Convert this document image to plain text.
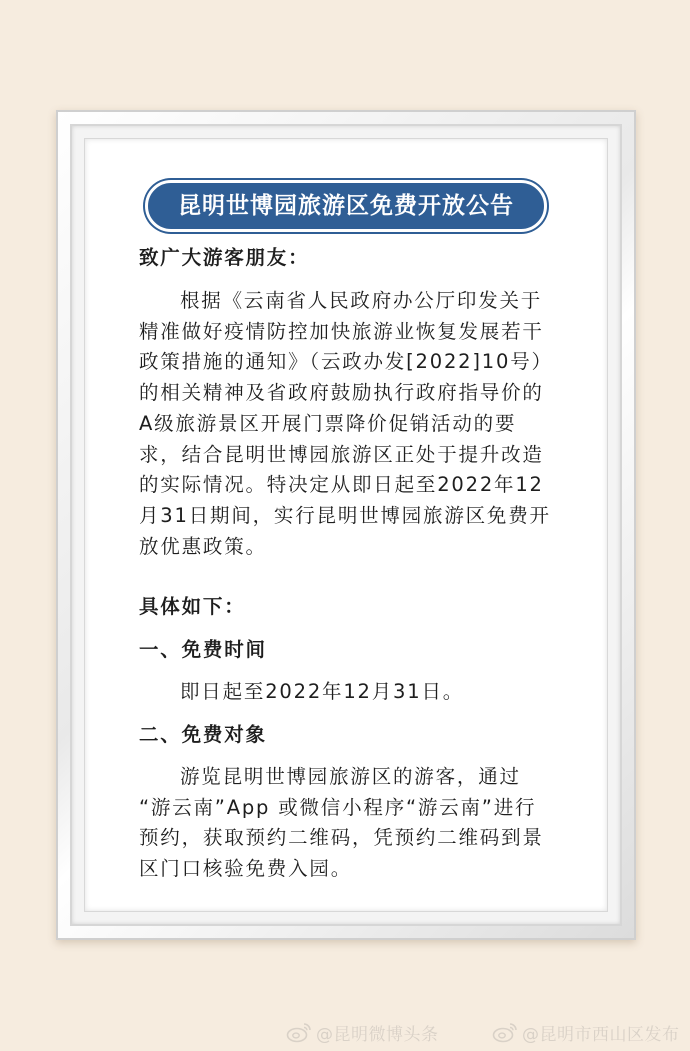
昆明世博园旅游区免费开放公告
致广大游客朋友：
根据《云南省人民政府办公厅印发关于
精准做好疫情防控加快旅游业恢复发展若干
政策措施的通知》（云政办发[2022]10号）
的相关精神及省政府鼓励执行政府指导价的
A级旅游景区开展门票降价促销活动的要
求，结合昆明世博园旅游区正处于提升改造
的实际情况。特决定从即日起至2022年12
月31日期间，实行昆明世博园旅游区免费开
放优惠政策。
具体如下：
一、免费时间
即日起至2022年12月31日。
二、免费对象
游览昆明世博园旅游区的游客，通过
“游云南”App 或微信小程序“游云南”进行
预约，获取预约二维码，凭预约二维码到景
区门口核验免费入园。
@昆明微博头条	@昆明市西山区发布
